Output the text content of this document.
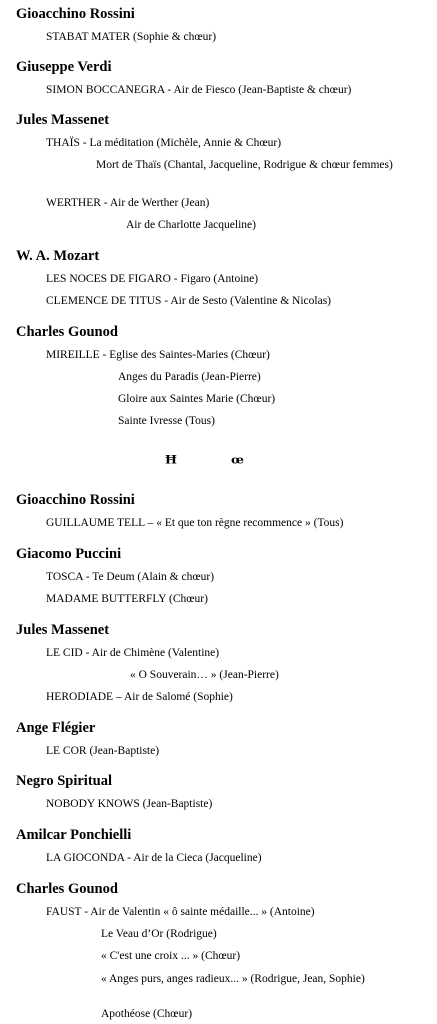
Gioacchino Rossini
STABAT MATER (Sophie & chœur)
Giuseppe Verdi
SIMON BOCCANEGRA - Air de Fiesco (Jean-Baptiste & chœur)
Jules Massenet
THAÏS - La méditation (Michèle, Annie & Chœur)
Mort de Thaïs (Chantal, Jacqueline, Rodrigue & chœur femmes)
WERTHER - Air de Werther (Jean)
Air de Charlotte Jacqueline)
W. A. Mozart
LES NOCES DE FIGARO - Figaro (Antoine)
CLEMENCE DE TITUS - Air de Sesto (Valentine & Nicolas)
Charles Gounod
MIREILLE - Eglise des Saintes-Maries (Chœur)
Anges du Paradis (Jean-Pierre)
Gloire aux Saintes Marie (Chœur)
Sainte Ivresse (Tous)
ꟸ	ꟹ
Gioacchino Rossini
GUILLAUME TELL – « Et que ton règne recommence » (Tous)
Giacomo Puccini
TOSCA - Te Deum (Alain & chœur)
MADAME BUTTERFLY (Chœur)
Jules Massenet
LE CID - Air de Chimène (Valentine)
« O Souverain… » (Jean-Pierre)
HERODIADE – Air de Salomé (Sophie)
Ange Flégier
LE COR (Jean-Baptiste)
Negro Spiritual
NOBODY KNOWS (Jean-Baptiste)
Amilcar Ponchielli
LA GIOCONDA - Air de la Cieca (Jacqueline)
Charles Gounod
FAUST - Air de Valentin « ô sainte médaille... » (Antoine)
Le Veau d’Or (Rodrigue)
« C'est une croix ... » (Chœur)
« Anges purs, anges radieux... » (Rodrigue, Jean, Sophie)
Apothéose (Chœur)
